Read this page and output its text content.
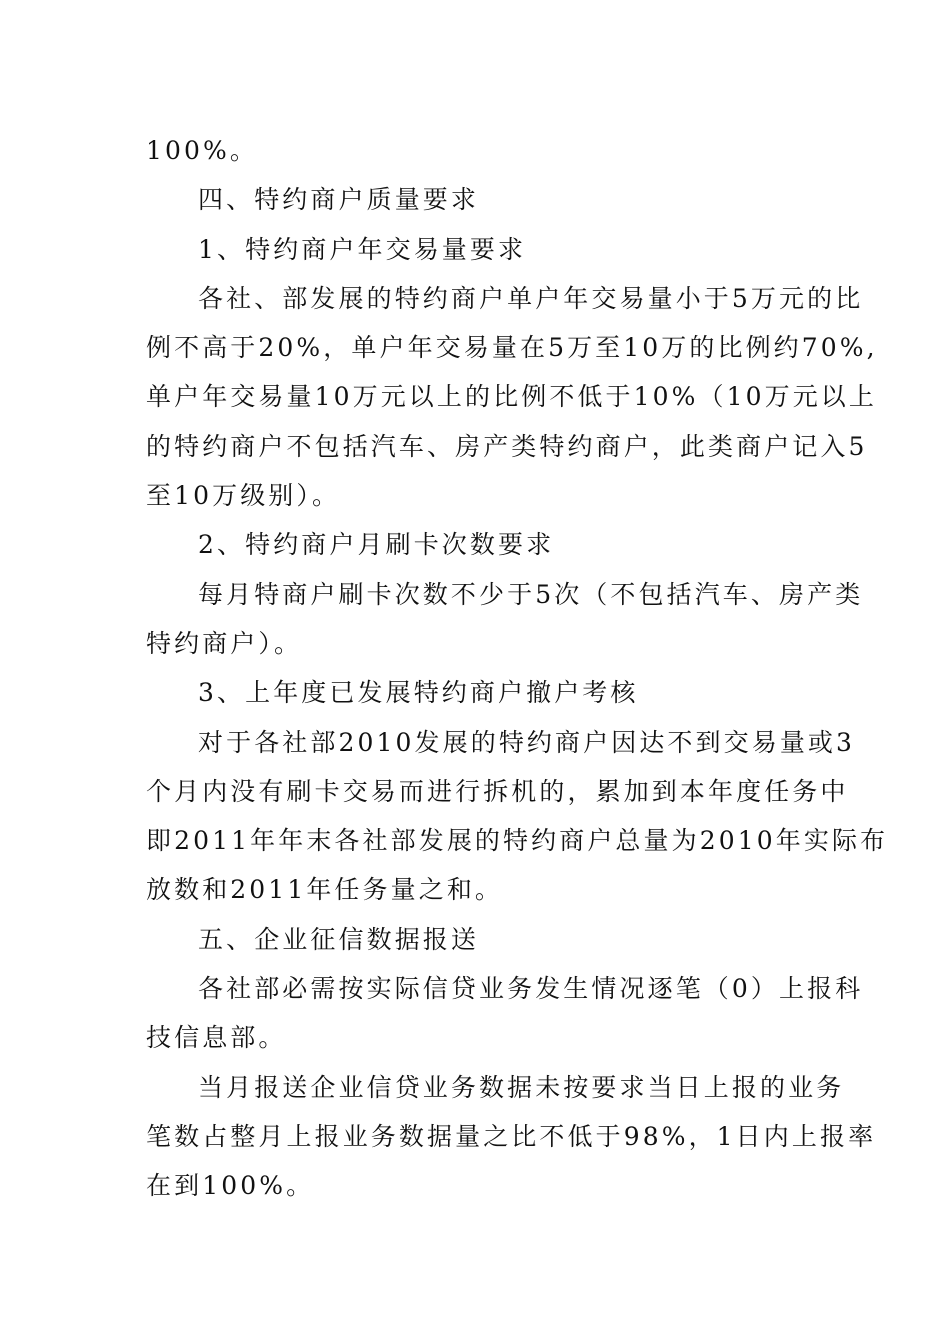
100%。
四、特约商户质量要求
1、特约商户年交易量要求
各社、部发展的特约商户单户年交易量小于5万元的比
例不高于20%，单户年交易量在5万至10万的比例约70%,
单户年交易量10万元以上的比例不低于10%（10万元以上
的特约商户不包括汽车、房产类特约商户，此类商户记入5
至10万级别）。
2、特约商户月刷卡次数要求
每月特商户刷卡次数不少于5次（不包括汽车、房产类
特约商户）。
3、上年度已发展特约商户撤户考核
对于各社部2010发展的特约商户因达不到交易量或3
个月内没有刷卡交易而进行拆机的，累加到本年度任务中
即2011年年末各社部发展的特约商户总量为2010年实际布
放数和2011年任务量之和。
五、企业征信数据报送
各社部必需按实际信贷业务发生情况逐笔（0）上报科
技信息部。
当月报送企业信贷业务数据未按要求当日上报的业务
笔数占整月上报业务数据量之比不低于98%，1日内上报率
在到100%。
